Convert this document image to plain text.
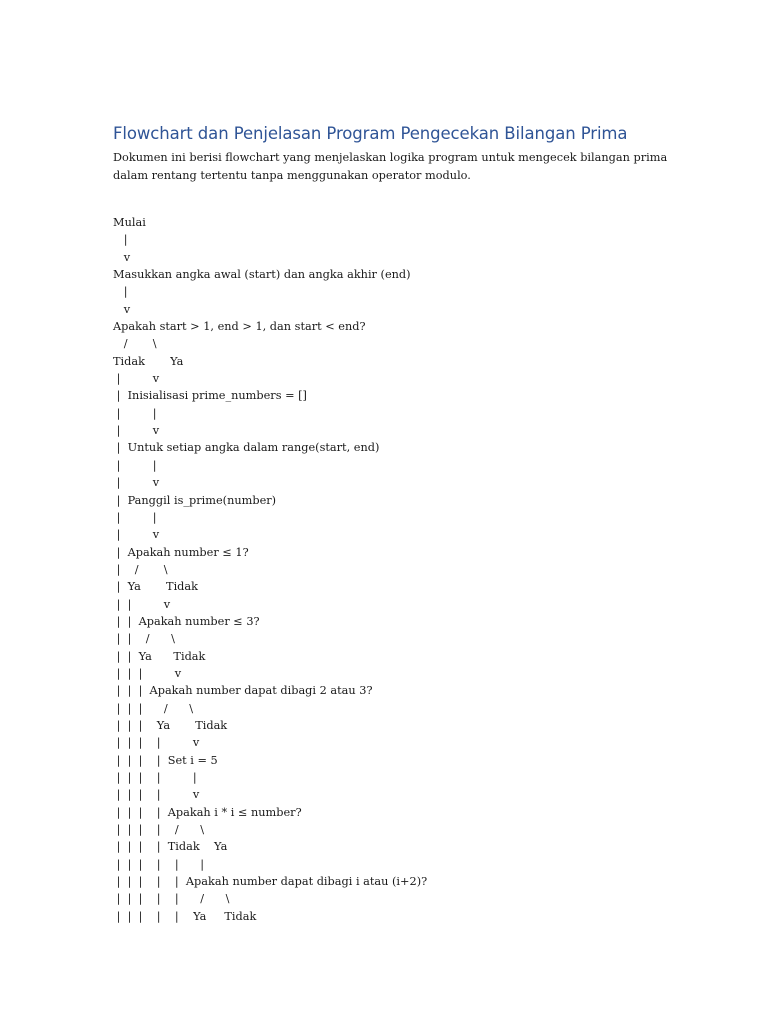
Flowchart dan Penjelasan Program Pengecekan Bilangan Prima

Dokumen ini berisi flowchart yang menjelaskan logika program untuk mengecek bilangan prima
dalam rentang tertentu tanpa menggunakan operator modulo.

Mulai
|
v
Masukkan angka awal (start) dan angka akhir (end)
|
v
Apakah start > 1, end > 1, dan start < end?
/       \
Tidak       Ya
|         v
|  Inisialisasi prime_numbers = []
|         |
|         v
|  Untuk setiap angka dalam range(start, end)
|         |
|         v
|  Panggil is_prime(number)
|         |
|         v
|  Apakah number ≤ 1?
|    /       \
|  Ya       Tidak
|  |         v
|  |  Apakah number ≤ 3?
|  |    /      \
|  |  Ya      Tidak
|  |  |         v
|  |  |  Apakah number dapat dibagi 2 atau 3?
|  |  |      /      \
|  |  |    Ya       Tidak
|  |  |    |         v
|  |  |    |  Set i = 5
|  |  |    |         |
|  |  |    |         v
|  |  |    |  Apakah i * i ≤ number?
|  |  |    |    /      \
|  |  |    |  Tidak    Ya
|  |  |    |    |      |
|  |  |    |    |  Apakah number dapat dibagi i atau (i+2)?
|  |  |    |    |      /      \
|  |  |    |    |    Ya     Tidak
